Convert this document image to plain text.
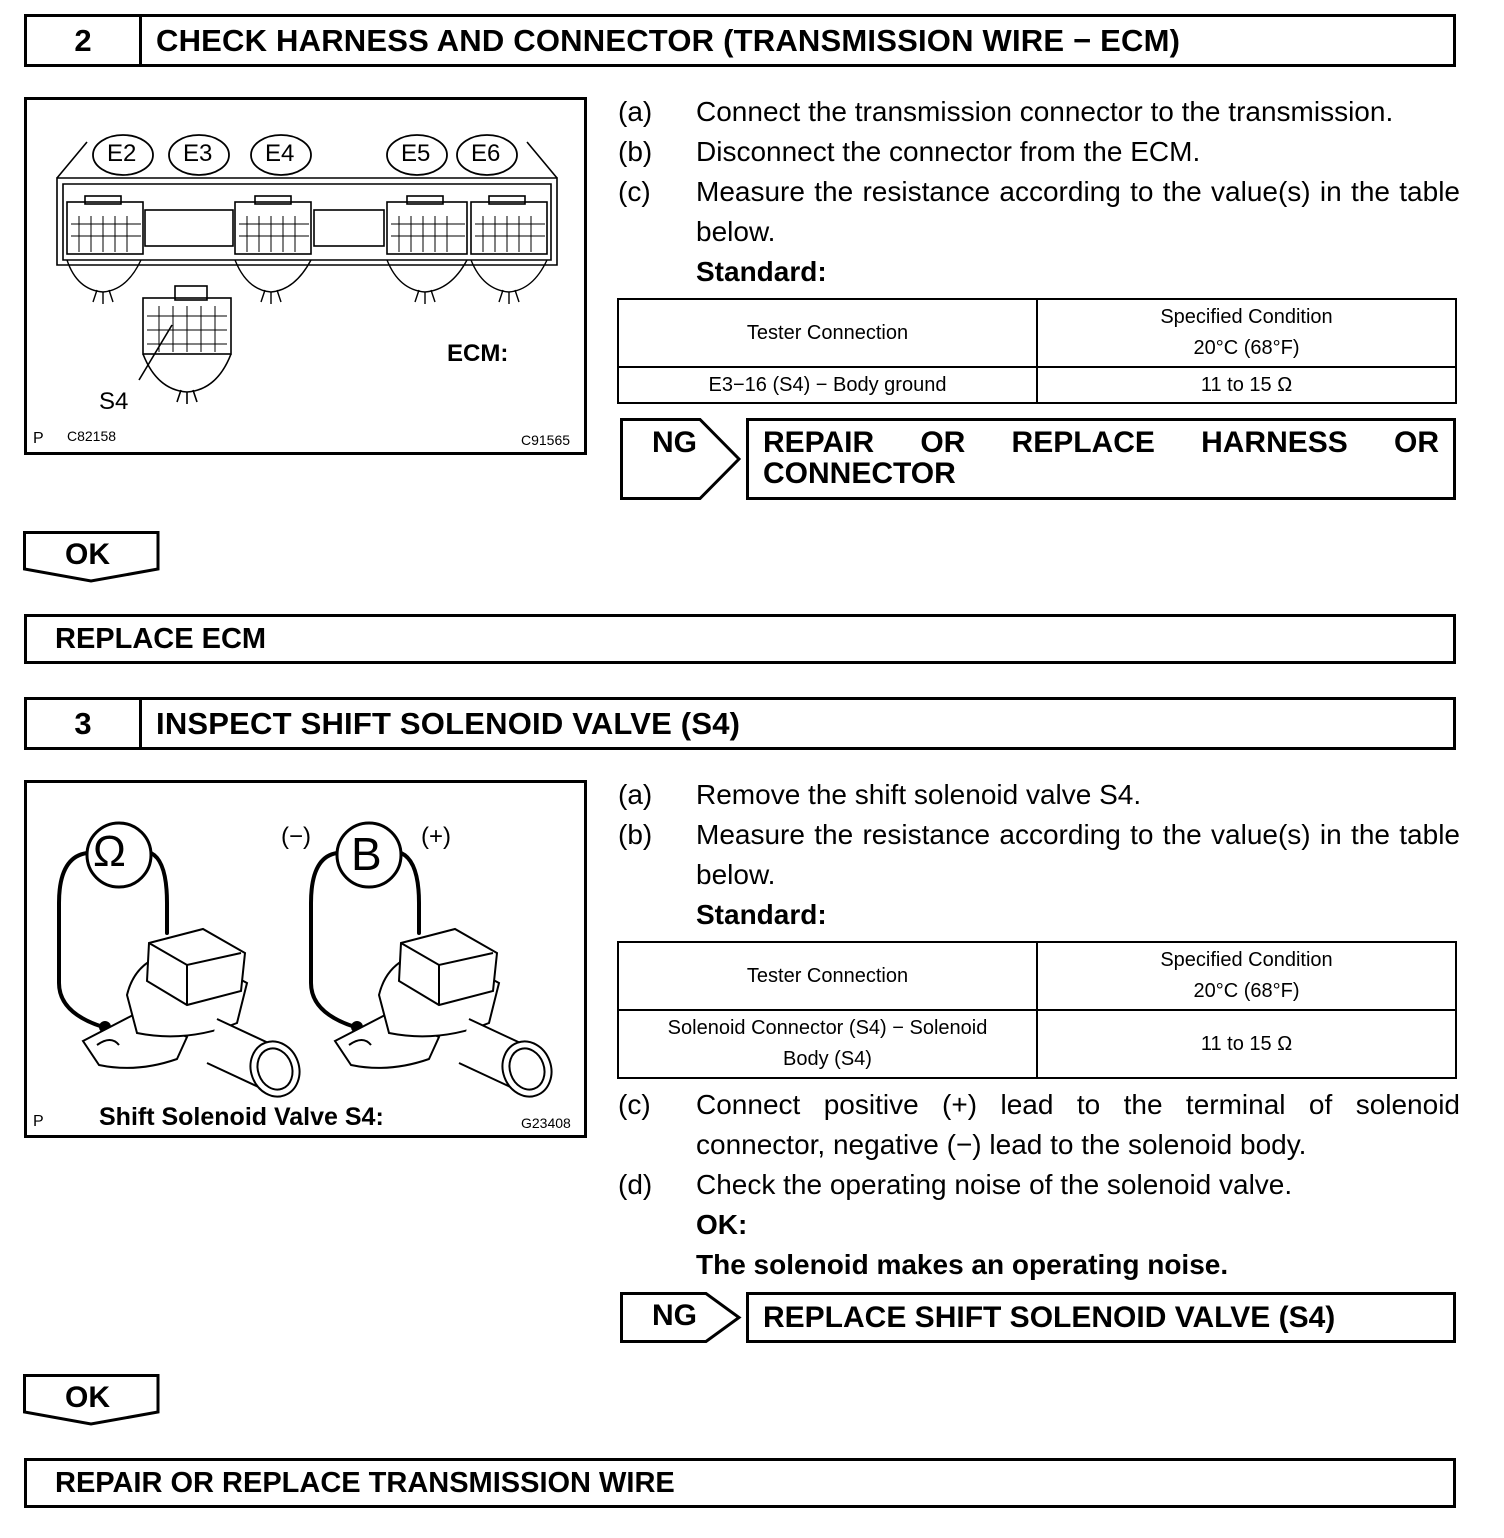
2	CHECK HARNESS AND CONNECTOR (TRANSMISSION WIRE − ECM)
E2 E3 E4	E5 E6
ECM:
S4
P C82158	C91565
(a)	Connect the transmission connector to the transmission.
(b)	Disconnect the connector from the ECM.
(c)	Measure the resistance according to the value(s) in the table below.
Standard:
Tester Connection	Specified Condition
20°C (68°F)

E3−16 (S4) − Body ground	11 to 15 Ω
NG REPAIR OR REPLACE HARNESS OR CONNECTOR
OK
REPLACE ECM
3	INSPECT SHIFT SOLENOID VALVE (S4)
Ω	B
(−)	(+)
Shift Solenoid Valve S4:
P	G23408
(a)	Remove the shift solenoid valve S4.
(b)	Measure the resistance according to the value(s) in the table below.
Standard:
Tester Connection	Specified Condition
20°C (68°F)

Solenoid Connector (S4) − Solenoid
Body (S4)	11 to 15 Ω
(c)	Connect positive (+) lead to the terminal of solenoid connector, negative (−) lead to the solenoid body.
(d)	Check the operating noise of the solenoid valve.
OK:
The solenoid makes an operating noise.
NG	REPLACE SHIFT SOLENOID VALVE (S4)
OK
REPAIR OR REPLACE TRANSMISSION WIRE
